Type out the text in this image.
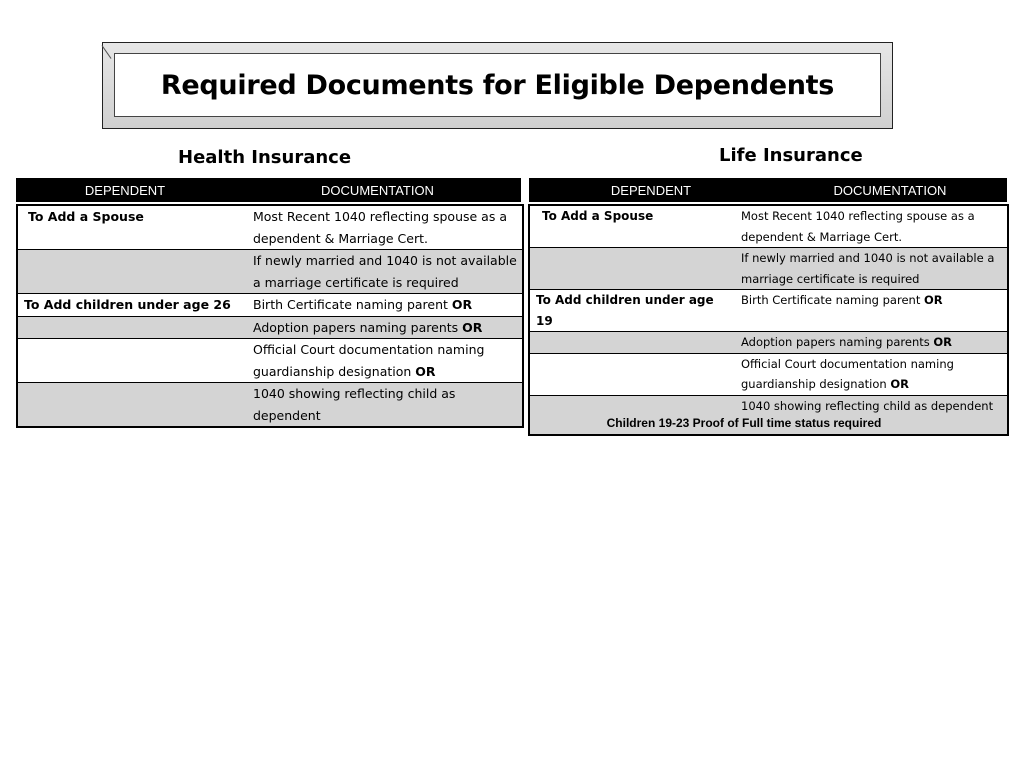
Required Documents for Eligible Dependents
Health Insurance	Life Insurance
DEPENDENT	DOCUMENTATION	DEPENDENT	DOCUMENTATION
To Add a Spouse	Most Recent 1040 reflecting spouse as a dependent & Marriage Cert.
	If newly married and 1040 is not available a marriage certificate is required
To Add children under age 26	Birth Certificate naming parent OR
	Adoption papers naming parents OR
	Official Court documentation naming guardianship designation OR
	1040 showing reflecting child as dependent
To Add a Spouse	Most Recent 1040 reflecting spouse as a dependent & Marriage Cert.
	If newly married and 1040 is not available a marriage certificate is required
To Add children under age 19	Birth Certificate naming parent OR
	Adoption papers naming parents OR
	Official Court documentation naming guardianship designation OR
	1040 showing reflecting child as dependent
Children 19-23 Proof of Full time status required
